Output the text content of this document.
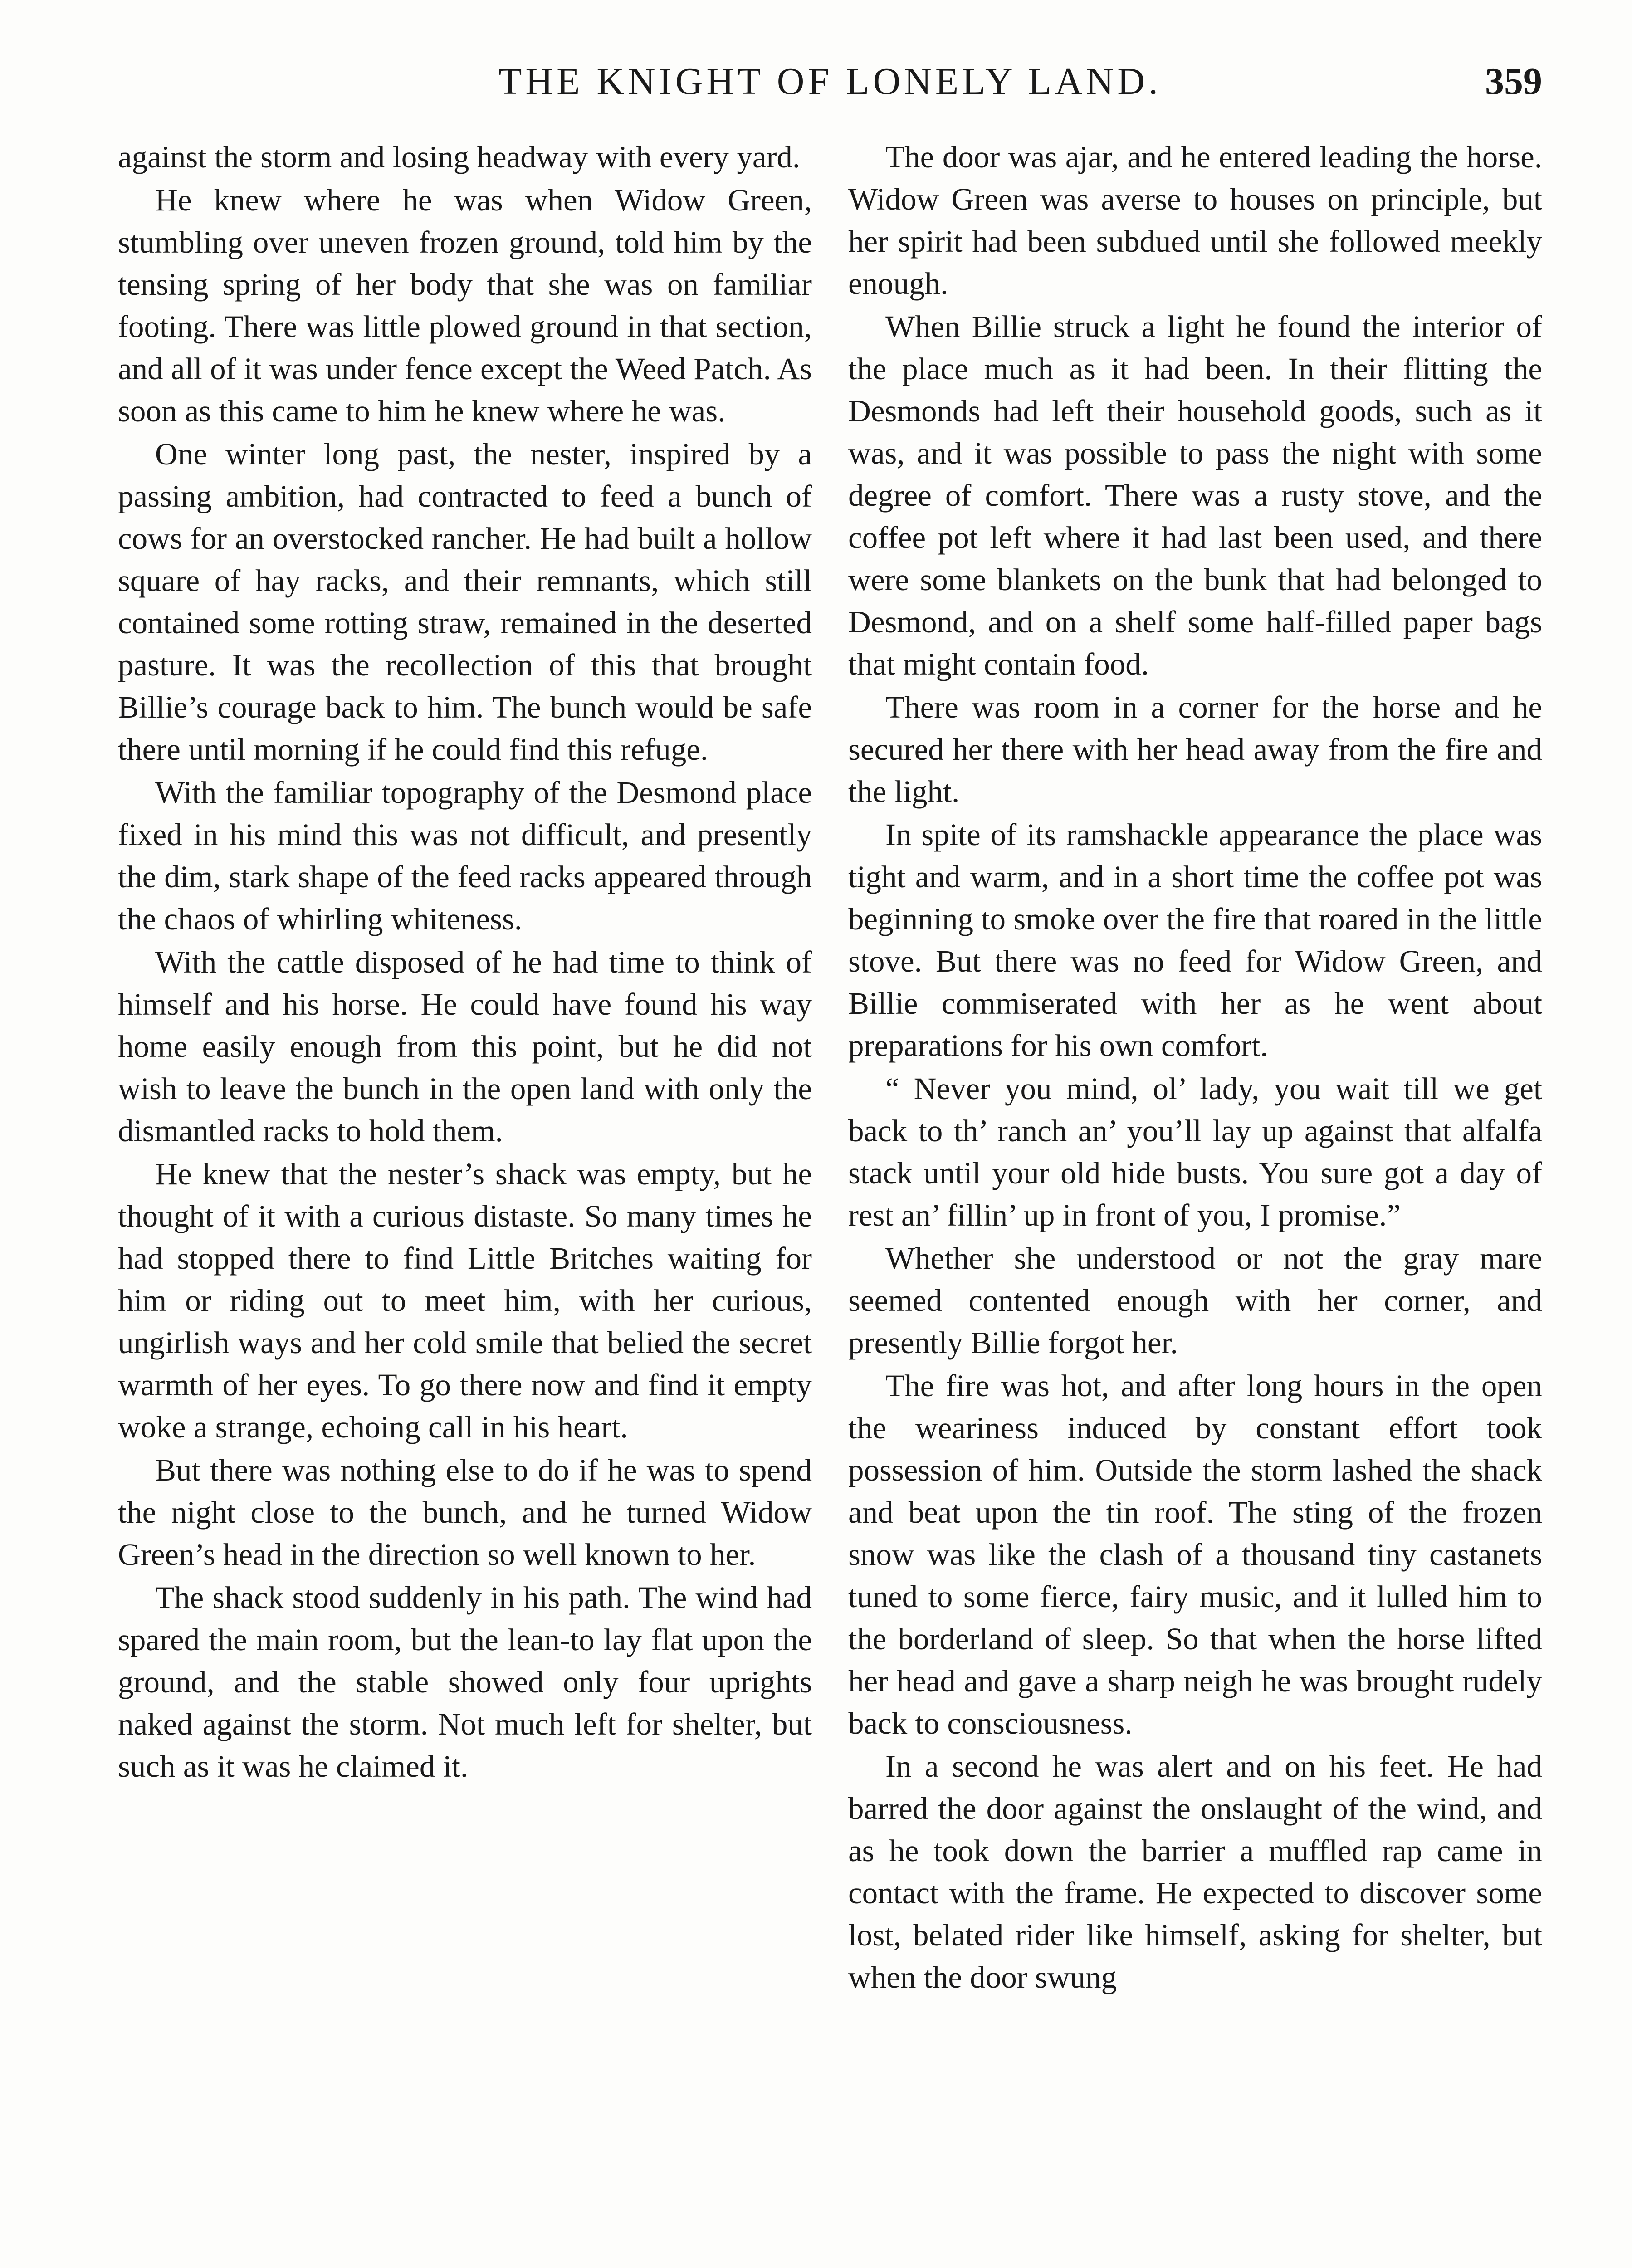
THE KNIGHT OF LONELY LAND.	359

against the storm and losing headway with every yard.

He knew where he was when Widow Green, stumbling over uneven frozen ground, told him by the tensing spring of her body that she was on familiar footing. There was little plowed ground in that section, and all of it was under fence except the Weed Patch. As soon as this came to him he knew where he was.

One winter long past, the nester, inspired by a passing ambition, had contracted to feed a bunch of cows for an overstocked rancher. He had built a hollow square of hay racks, and their remnants, which still contained some rotting straw, remained in the deserted pasture. It was the recollection of this that brought Billie’s courage back to him. The bunch would be safe there until morning if he could find this refuge.

With the familiar topography of the Desmond place fixed in his mind this was not difficult, and presently the dim, stark shape of the feed racks appeared through the chaos of whirling whiteness.

With the cattle disposed of he had time to think of himself and his horse. He could have found his way home easily enough from this point, but he did not wish to leave the bunch in the open land with only the dismantled racks to hold them.

He knew that the nester’s shack was empty, but he thought of it with a curious distaste. So many times he had stopped there to find Little Britches waiting for him or riding out to meet him, with her curious, ungirlish ways and her cold smile that belied the secret warmth of her eyes. To go there now and find it empty woke a strange, echoing call in his heart.

But there was nothing else to do if he was to spend the night close to the bunch, and he turned Widow Green’s head in the direction so well known to her.

The shack stood suddenly in his path. The wind had spared the main room, but the lean-to lay flat upon the ground, and the stable showed only four uprights naked against the storm. Not much left for shelter, but such as it was he claimed it.

The door was ajar, and he entered leading the horse. Widow Green was averse to houses on principle, but her spirit had been subdued until she followed meekly enough.

When Billie struck a light he found the interior of the place much as it had been. In their flitting the Desmonds had left their household goods, such as it was, and it was possible to pass the night with some degree of comfort. There was a rusty stove, and the coffee pot left where it had last been used, and there were some blankets on the bunk that had belonged to Desmond, and on a shelf some half-filled paper bags that might contain food.

There was room in a corner for the horse and he secured her there with her head away from the fire and the light.

In spite of its ramshackle appearance the place was tight and warm, and in a short time the coffee pot was beginning to smoke over the fire that roared in the little stove. But there was no feed for Widow Green, and Billie commiserated with her as he went about preparations for his own comfort.

“ Never you mind, ol’ lady, you wait till we get back to th’ ranch an’ you’ll lay up against that alfalfa stack until your old hide busts. You sure got a day of rest an’ fillin’ up in front of you, I promise.”

Whether she understood or not the gray mare seemed contented enough with her corner, and presently Billie forgot her.

The fire was hot, and after long hours in the open the weariness induced by constant effort took possession of him. Outside the storm lashed the shack and beat upon the tin roof. The sting of the frozen snow was like the clash of a thousand tiny castanets tuned to some fierce, fairy music, and it lulled him to the borderland of sleep. So that when the horse lifted her head and gave a sharp neigh he was brought rudely back to consciousness.

In a second he was alert and on his feet. He had barred the door against the onslaught of the wind, and as he took down the barrier a muffled rap came in contact with the frame. He expected to discover some lost, belated rider like himself, asking for shelter, but when the door swung
